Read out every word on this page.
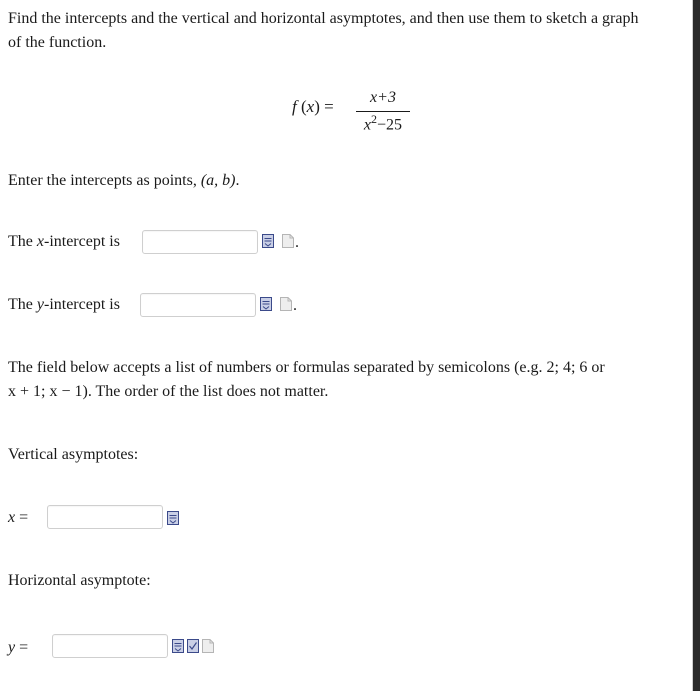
Find the intercepts and the vertical and horizontal asymptotes, and then use them to sketch a graph
of the function.
f (x) =	x+3
$x^2-25$
Enter the intercepts as points, (a, b).
The x-intercept is	.
The y-intercept is	.
The field below accepts a list of numbers or formulas separated by semicolons (e.g. 2; 4; 6 or
x + 1; x − 1). The order of the list does not matter.
Vertical asymptotes:
x =
Horizontal asymptote:
y =
